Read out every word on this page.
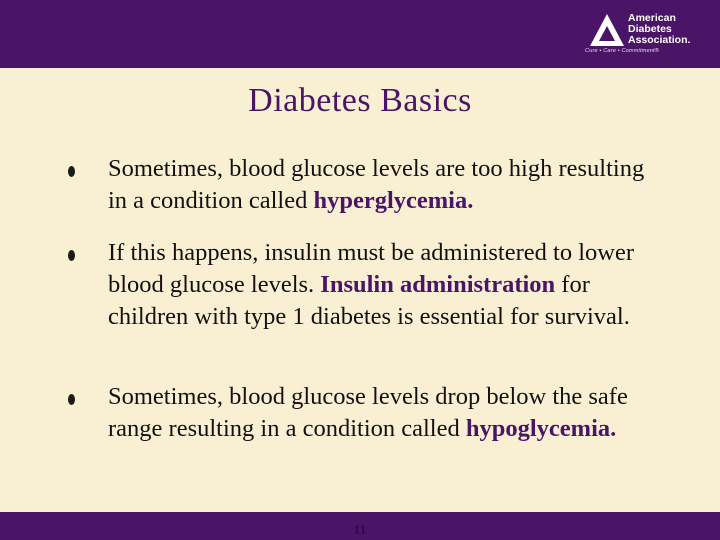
American
Diabetes
Association.
Cure • Care • Commitment®
Diabetes Basics
Sometimes, blood glucose levels are too high resulting in a condition called hyperglycemia.
If this happens, insulin must be administered to lower blood glucose levels. Insulin administration for children with type 1 diabetes is essential for survival.
Sometimes, blood glucose levels drop below the safe range resulting in a condition called hypoglycemia.
11
